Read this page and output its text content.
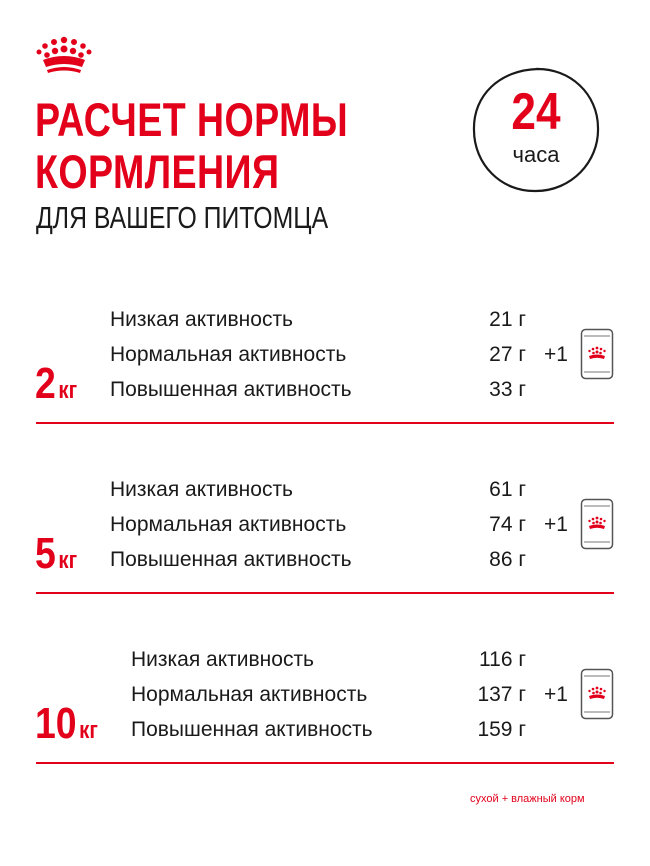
РАСЧЕТ НОРМЫ
КОРМЛЕНИЯ

ДЛЯ ВАШЕГО ПИТОМЦА

24
часа
2 кг
Низкая активность	21 г
Нормальная активность	27 г +1
Повышенная активность	33 г
5 кг
Низкая активность	61 г
Нормальная активность	74 г +1
Повышенная активность	86 г
10 кг
Низкая активность	116 г
Нормальная активность	137 г +1
Повышенная активность	159 г
сухой + влажный корм
